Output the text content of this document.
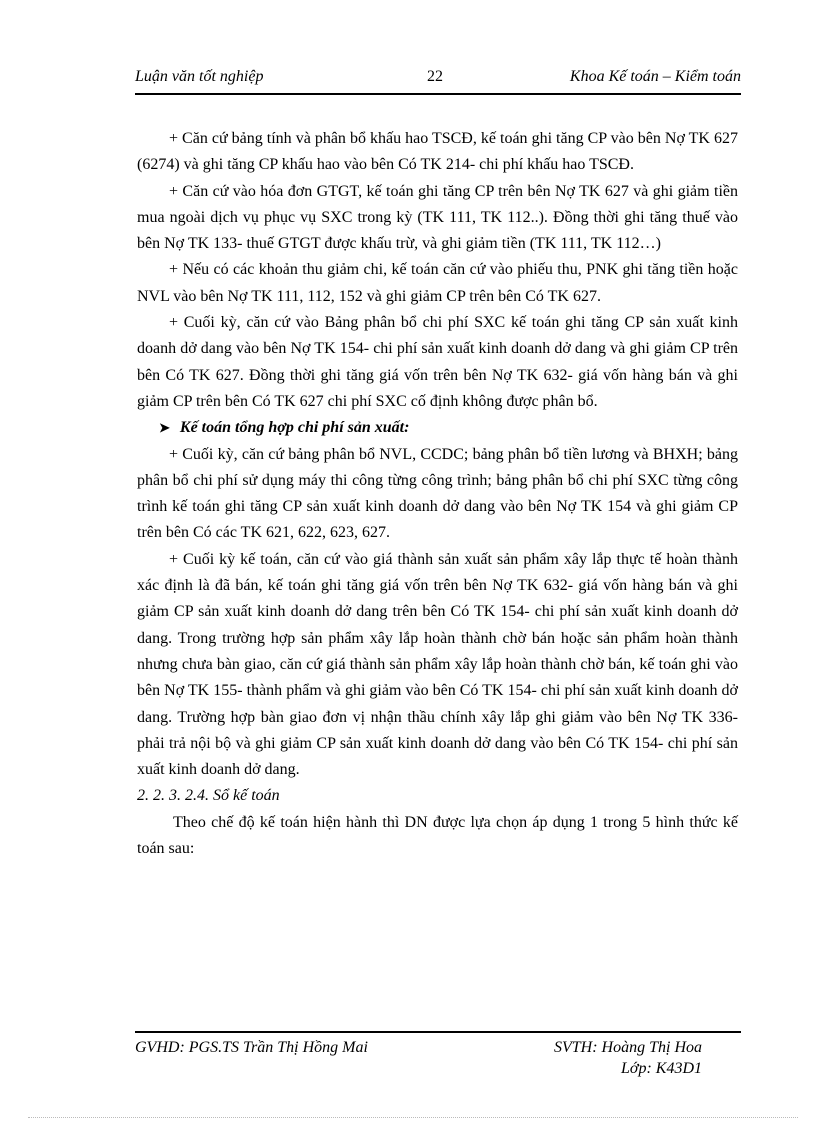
Luận văn tốt nghiệp	22	Khoa Kế toán – Kiểm toán

+ Căn cứ bảng tính và phân bổ khấu hao TSCĐ, kế toán ghi tăng CP vào bên Nợ TK 627 (6274) và ghi tăng CP khấu hao vào bên Có TK 214- chi phí khấu hao TSCĐ.

+ Căn cứ vào hóa đơn GTGT, kế toán ghi tăng CP trên bên Nợ TK 627 và ghi giảm tiền mua ngoài dịch vụ phục vụ SXC trong kỳ (TK 111, TK 112..). Đồng thời ghi tăng thuế vào bên Nợ TK 133- thuế GTGT được khấu trừ, và ghi giảm tiền (TK 111, TK 112…)

+ Nếu có các khoản thu giảm chi, kế toán căn cứ vào phiếu thu, PNK ghi tăng tiền hoặc NVL vào bên Nợ TK 111, 112, 152 và ghi giảm CP trên bên Có TK 627.

+ Cuối kỳ, căn cứ vào Bảng phân bổ chi phí SXC kế toán ghi tăng CP sản xuất kinh doanh dở dang vào bên Nợ TK 154- chi phí sản xuất kinh doanh dở dang và ghi giảm CP trên bên Có TK 627. Đồng thời ghi tăng giá vốn trên bên Nợ TK 632- giá vốn hàng bán và ghi giảm CP trên bên Có TK 627 chi phí SXC cố định không được phân bổ.

➤ Kế toán tổng hợp chi phí sản xuất:

+ Cuối kỳ, căn cứ bảng phân bổ NVL, CCDC; bảng phân bổ tiền lương và BHXH; bảng phân bổ chi phí sử dụng máy thi công từng công trình; bảng phân bổ chi phí SXC từng công trình kế toán ghi tăng CP sản xuất kinh doanh dở dang vào bên Nợ TK 154 và ghi giảm CP trên bên Có các TK 621, 622, 623, 627.

+ Cuối kỳ kế toán, căn cứ vào giá thành sản xuất sản phẩm xây lắp thực tế hoàn thành xác định là đã bán, kế toán ghi tăng giá vốn trên bên Nợ TK 632- giá vốn hàng bán và ghi giảm CP sản xuất kinh doanh dở dang trên bên Có TK 154- chi phí sản xuất kinh doanh dở dang. Trong trường hợp sản phẩm xây lắp hoàn thành chờ bán hoặc sản phẩm hoàn thành nhưng chưa bàn giao, căn cứ giá thành sản phẩm xây lắp hoàn thành chờ bán, kế toán ghi vào bên Nợ TK 155- thành phẩm và ghi giảm vào bên Có TK 154- chi phí sản xuất kinh doanh dở dang. Trường hợp bàn giao đơn vị nhận thầu chính xây lắp ghi giảm vào bên Nợ TK 336- phải trả nội bộ và ghi giảm CP sản xuất kinh doanh dở dang vào bên Có TK 154- chi phí sản xuất kinh doanh dở dang.

2. 2. 3. 2.4. Sổ kế toán

Theo chế độ kế toán hiện hành thì DN được lựa chọn áp dụng 1 trong 5 hình thức kế toán sau:

GVHD: PGS.TS Trần Thị Hồng Mai	SVTH: Hoàng Thị Hoa
Lớp: K43D1
